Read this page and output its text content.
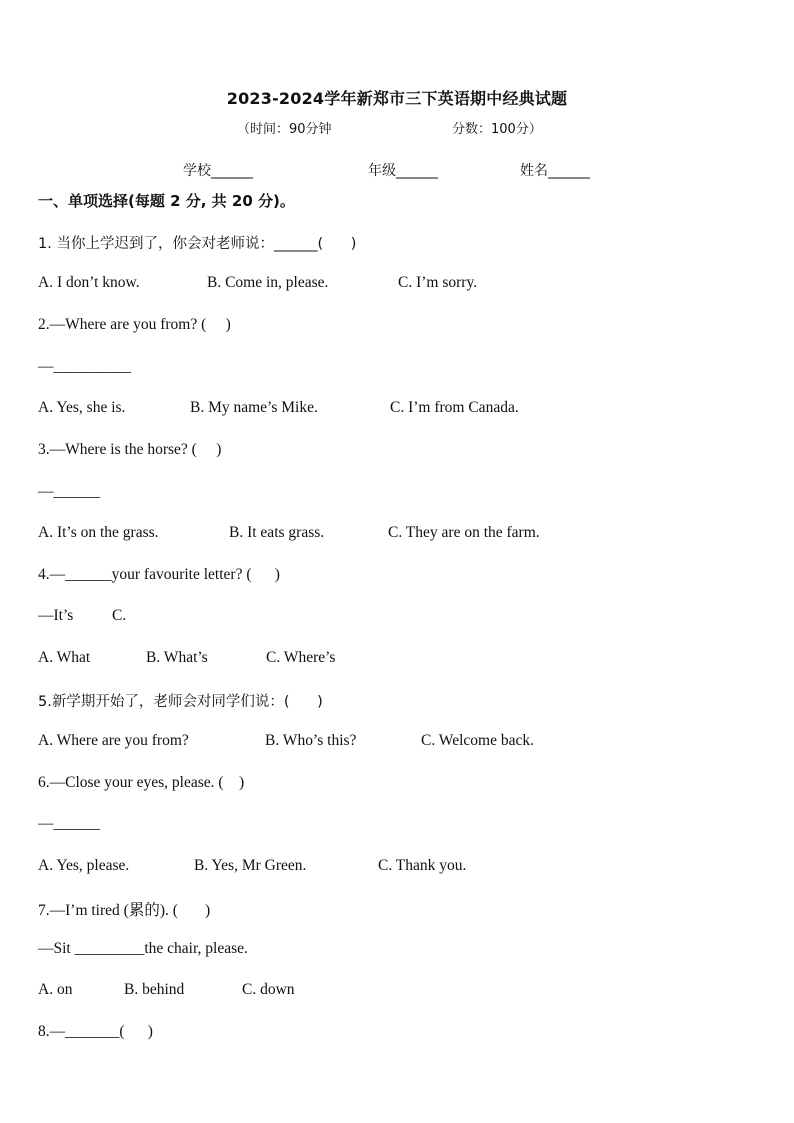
2023-2024学年新郑市三下英语期中经典试题
（时间：90分钟	分数：100分）
学校______	年级______	姓名______
一、单项选择(每题 2 分, 共 20 分)。
1. 当你上学迟到了，你会对老师说：______(      )
A. I don’t know.	B. Come in, please.	C. I’m sorry.
2.—Where are you from? (     )
—__________
A. Yes, she is.	B. My name’s Mike.	C. I’m from Canada.
3.—Where is the horse? (     )
—______
A. It’s on the grass.	B. It eats grass.	C. They are on the farm.
4.—______your favourite letter? (      )
—It’s          C.
A. What	B. What’s	C. Where’s
5.新学期开始了，老师会对同学们说：(      )
A. Where are you from?	B. Who’s this?	C. Welcome back.
6.—Close your eyes, please. (    )
—______
A. Yes, please.	B. Yes, Mr Green.	C. Thank you.
7.—I’m tired (累的). (       )
—Sit _________the chair, please.
A. on	B. behind	C. down
8.—_______(      )
